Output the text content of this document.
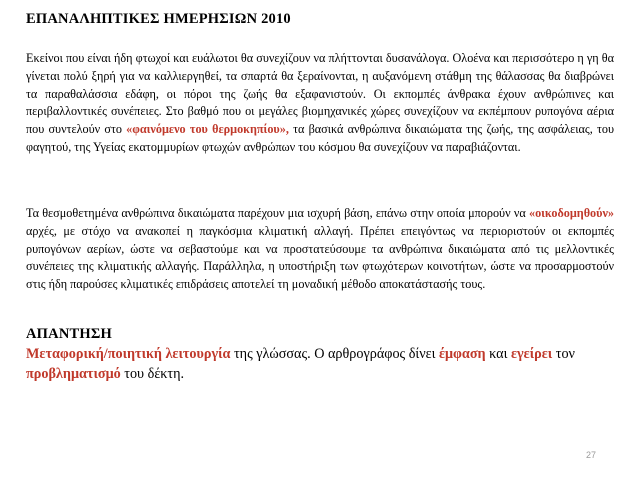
ΕΠΑΝΑΛΗΠΤΙΚΕΣ ΗΜΕΡΗΣΙΩΝ 2010

Εκείνοι που είναι ήδη φτωχοί και ευάλωτοι θα συνεχίζουν να πλήττονται δυσανάλογα. Ολοένα και περισσότερο η γη θα γίνεται πολύ ξηρή για να καλλιεργηθεί, τα σπαρτά θα ξεραίνονται, η αυξανόμενη στάθμη της θάλασσας θα διαβρώνει τα παραθαλάσσια εδάφη, οι πόροι της ζωής θα εξαφανιστούν. Οι εκπομπές άνθρακα έχουν ανθρώπινες και περιβαλλοντικές συνέπειες. Στο βαθμό που οι μεγάλες βιομηχανικές χώρες συνεχίζουν να εκπέμπουν ρυπογόνα αέρια που συντελούν στο «φαινόμενο του θερμοκηπίου», τα βασικά ανθρώπινα δικαιώματα της ζωής, της ασφάλειας, του φαγητού, της Υγείας εκατομμυρίων φτωχών ανθρώπων του κόσμου θα συνεχίζουν να παραβιάζονται.

Τα θεσμοθετημένα ανθρώπινα δικαιώματα παρέχουν μια ισχυρή βάση, επάνω στην οποία μπορούν να «οικοδομηθούν» αρχές, με στόχο να ανακοπεί η παγκόσμια κλιματική αλλαγή. Πρέπει επειγόντως να περιοριστούν οι εκπομπές ρυπογόνων αερίων, ώστε να σεβαστούμε και να προστατεύσουμε τα ανθρώπινα δικαιώματα από τις μελλοντικές συνέπειες της κλιματικής αλλαγής. Παράλληλα, η υποστήριξη των φτωχότερων κοινοτήτων, ώστε να προσαρμοστούν στις ήδη παρούσες κλιματικές επιδράσεις αποτελεί τη μοναδική μέθοδο αποκατάστασής τους.

ΑΠΑΝΤΗΣΗ

Μεταφορική/ποιητική λειτουργία της γλώσσας. Ο αρθρογράφος δίνει έμφαση και εγείρει τον προβληματισμό του δέκτη.

27
